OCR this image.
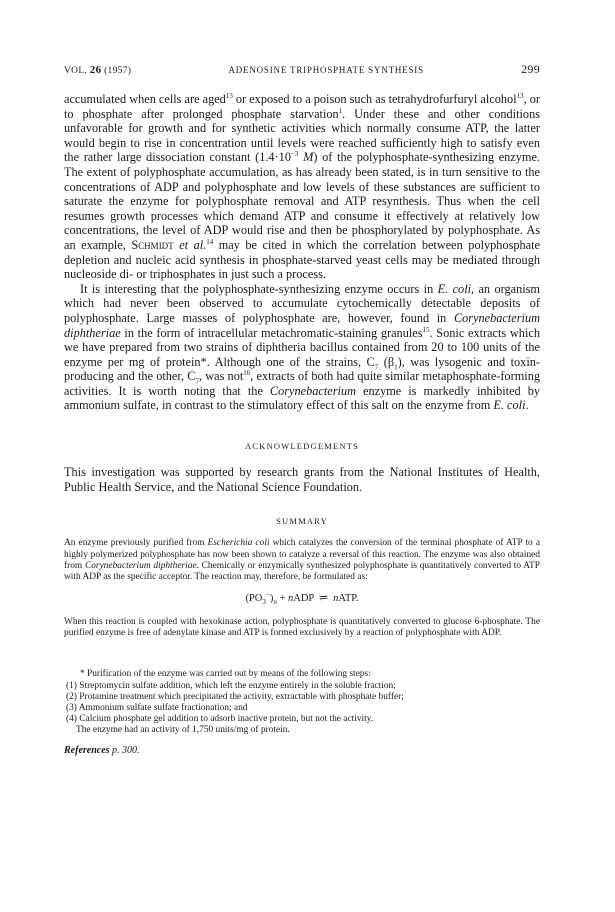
VOL. 26 (1957)	ADENOSINE TRIPHOSPHATE SYNTHESIS	299

accumulated when cells are aged$^{13}$ or exposed to a poison such as tetrahydrofurfuryl alcohol$^{13}$, or to phosphate after prolonged phosphate starvation$^1$. Under these and other conditions unfavorable for growth and for synthetic activities which normally consume ATP, the latter would begin to rise in concentration until levels were reached sufficiently high to satisfy even the rather large dissociation constant ($1.4\cdot 10^{-3}$ M) of the polyphosphate-synthesizing enzyme. The extent of polyphosphate accumulation, as has already been stated, is in turn sensitive to the concentrations of ADP and polyphosphate and low levels of these substances are sufficient to saturate the enzyme for polyphosphate removal and ATP resynthesis. Thus when the cell resumes growth processes which demand ATP and consume it effectively at relatively low concentrations, the level of ADP would rise and then be phosphorylated by polyphosphate. As an example, Schmidt et al.$^{14}$ may be cited in which the correlation between polyphosphate depletion and nucleic acid synthesis in phosphate-starved yeast cells may be mediated through nucleoside di- or triphosphates in just such a process.

It is interesting that the polyphosphate-synthesizing enzyme occurs in E. coli, an organism which had never been observed to accumulate cytochemically detectable deposits of polyphosphate. Large masses of polyphosphate are, however, found in Corynebacterium diphtheriae in the form of intracellular metachromatic-staining granules$^{15}$. Sonic extracts which we have prepared from two strains of diphtheria bacillus contained from 20 to 100 units of the enzyme per mg of protein*. Although one of the strains, $C_7$ $(\beta_1)$, was lysogenic and toxin-producing and the other, $C_7$, was not$^{16}$, extracts of both had quite similar metaphosphate-forming activities. It is worth noting that the Corynebacterium enzyme is markedly inhibited by ammonium sulfate, in contrast to the stimulatory effect of this salt on the enzyme from E. coli.

ACKNOWLEDGEMENTS
This investigation was supported by research grants from the National Institutes of Health, Public Health Service, and the National Science Foundation.
SUMMARY

An enzyme previously purified from Escherichia coli which catalyzes the conversion of the terminal phosphate of ATP to a highly polymerized polyphosphate has now been shown to catalyze a reversal of this reaction. The enzyme was also obtained from Corynebacterium diphtheriae. Chemically or enzymically synthesized polyphosphate is quantitatively converted to ATP with ADP as the specific acceptor. The reaction may, therefore, be formulated as:

$(PO_3^-)_n$ + nADP ⇌ nATP.

When this reaction is coupled with hexokinase action, polyphosphate is quantitatively converted to glucose 6-phosphate. The purified enzyme is free of adenylate kinase and ATP is formed exclusively by a reaction of polyphosphate with ADP.

* Purification of the enzyme was carried out by means of the following steps:
(1) Streptomycin sulfate addition, which left the enzyme entirely in the soluble fraction;
(2) Protamine treatment which precipitated the activity, extractable with phosphate buffer;
(3) Ammonium sulfate sulfate fractionation; and
(4) Calcium phosphate gel addition to adsorb inactive protein, but not the activity.
The enzyme had an activity of 1,750 units/mg of protein.
References p. 300.
